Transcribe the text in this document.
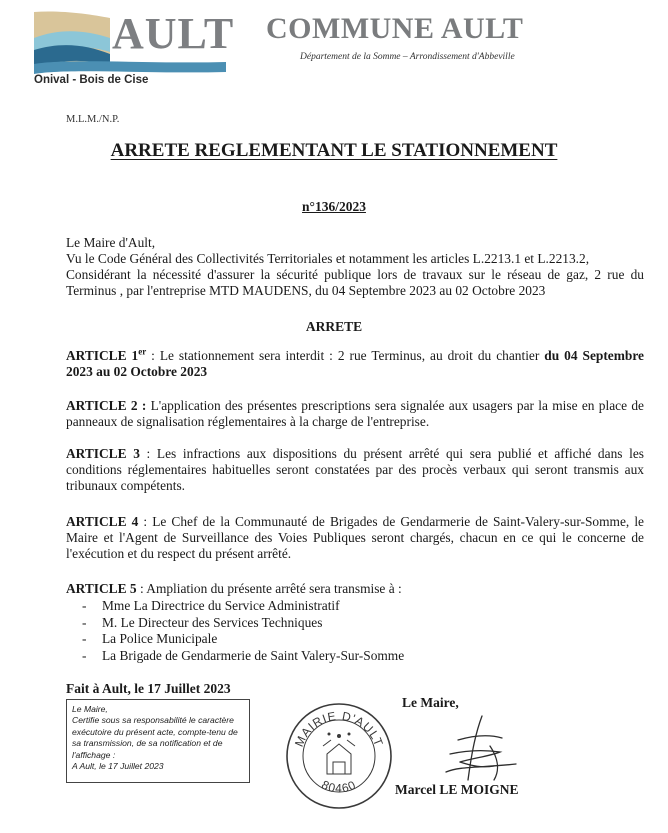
AULT
Onival - Bois de Cise
COMMUNE AULT
Département de la Somme – Arrondissement d'Abbeville
M.L.M./N.P.
ARRETE REGLEMENTANT LE STATIONNEMENT
n°136/2023

Le Maire d'Ault,

Vu le Code Général des Collectivités Territoriales et notamment les articles L.2213.1 et L.2213.2,

Considérant la nécessité d'assurer la sécurité publique lors de travaux sur le réseau de gaz, 2 rue du Terminus , par l'entreprise MTD MAUDENS, du 04 Septembre 2023 au 02 Octobre 2023

ARRETE
ARTICLE 1er : Le stationnement sera interdit : 2 rue Terminus, au droit du chantier du 04 Septembre 2023 au 02 Octobre 2023
ARTICLE 2 : L'application des présentes prescriptions sera signalée aux usagers par la mise en place de panneaux de signalisation réglementaires à la charge de l'entreprise.
ARTICLE 3 : Les infractions aux dispositions du présent arrêté qui sera publié et affiché dans les conditions réglementaires habituelles seront constatées par des procès verbaux qui seront transmis aux tribunaux compétents.
ARTICLE 4 : Le Chef de la Communauté de Brigades de Gendarmerie de Saint-Valery-sur-Somme, le Maire et l'Agent de Surveillance des Voies Publiques seront chargés, chacun en ce qui le concerne de l'exécution et du respect du présent arrêté.
ARTICLE 5 : Ampliation du présente arrêté sera transmise à :
- Mme La Directrice du Service Administratif
- M. Le Directeur des Services Techniques
- La Police Municipale
- La Brigade de Gendarmerie de Saint Valery-Sur-Somme
Fait à Ault, le 17 Juillet 2023

Le Maire,

Certifie sous sa responsabilité le caractère exécutoire du présent acte, compte-tenu de sa transmission, de sa notification et de l'affichage :

A Ault, le 17 Juillet 2023

MAIRIE D'AULT
80460
Le Maire,
Marcel LE MOIGNE
